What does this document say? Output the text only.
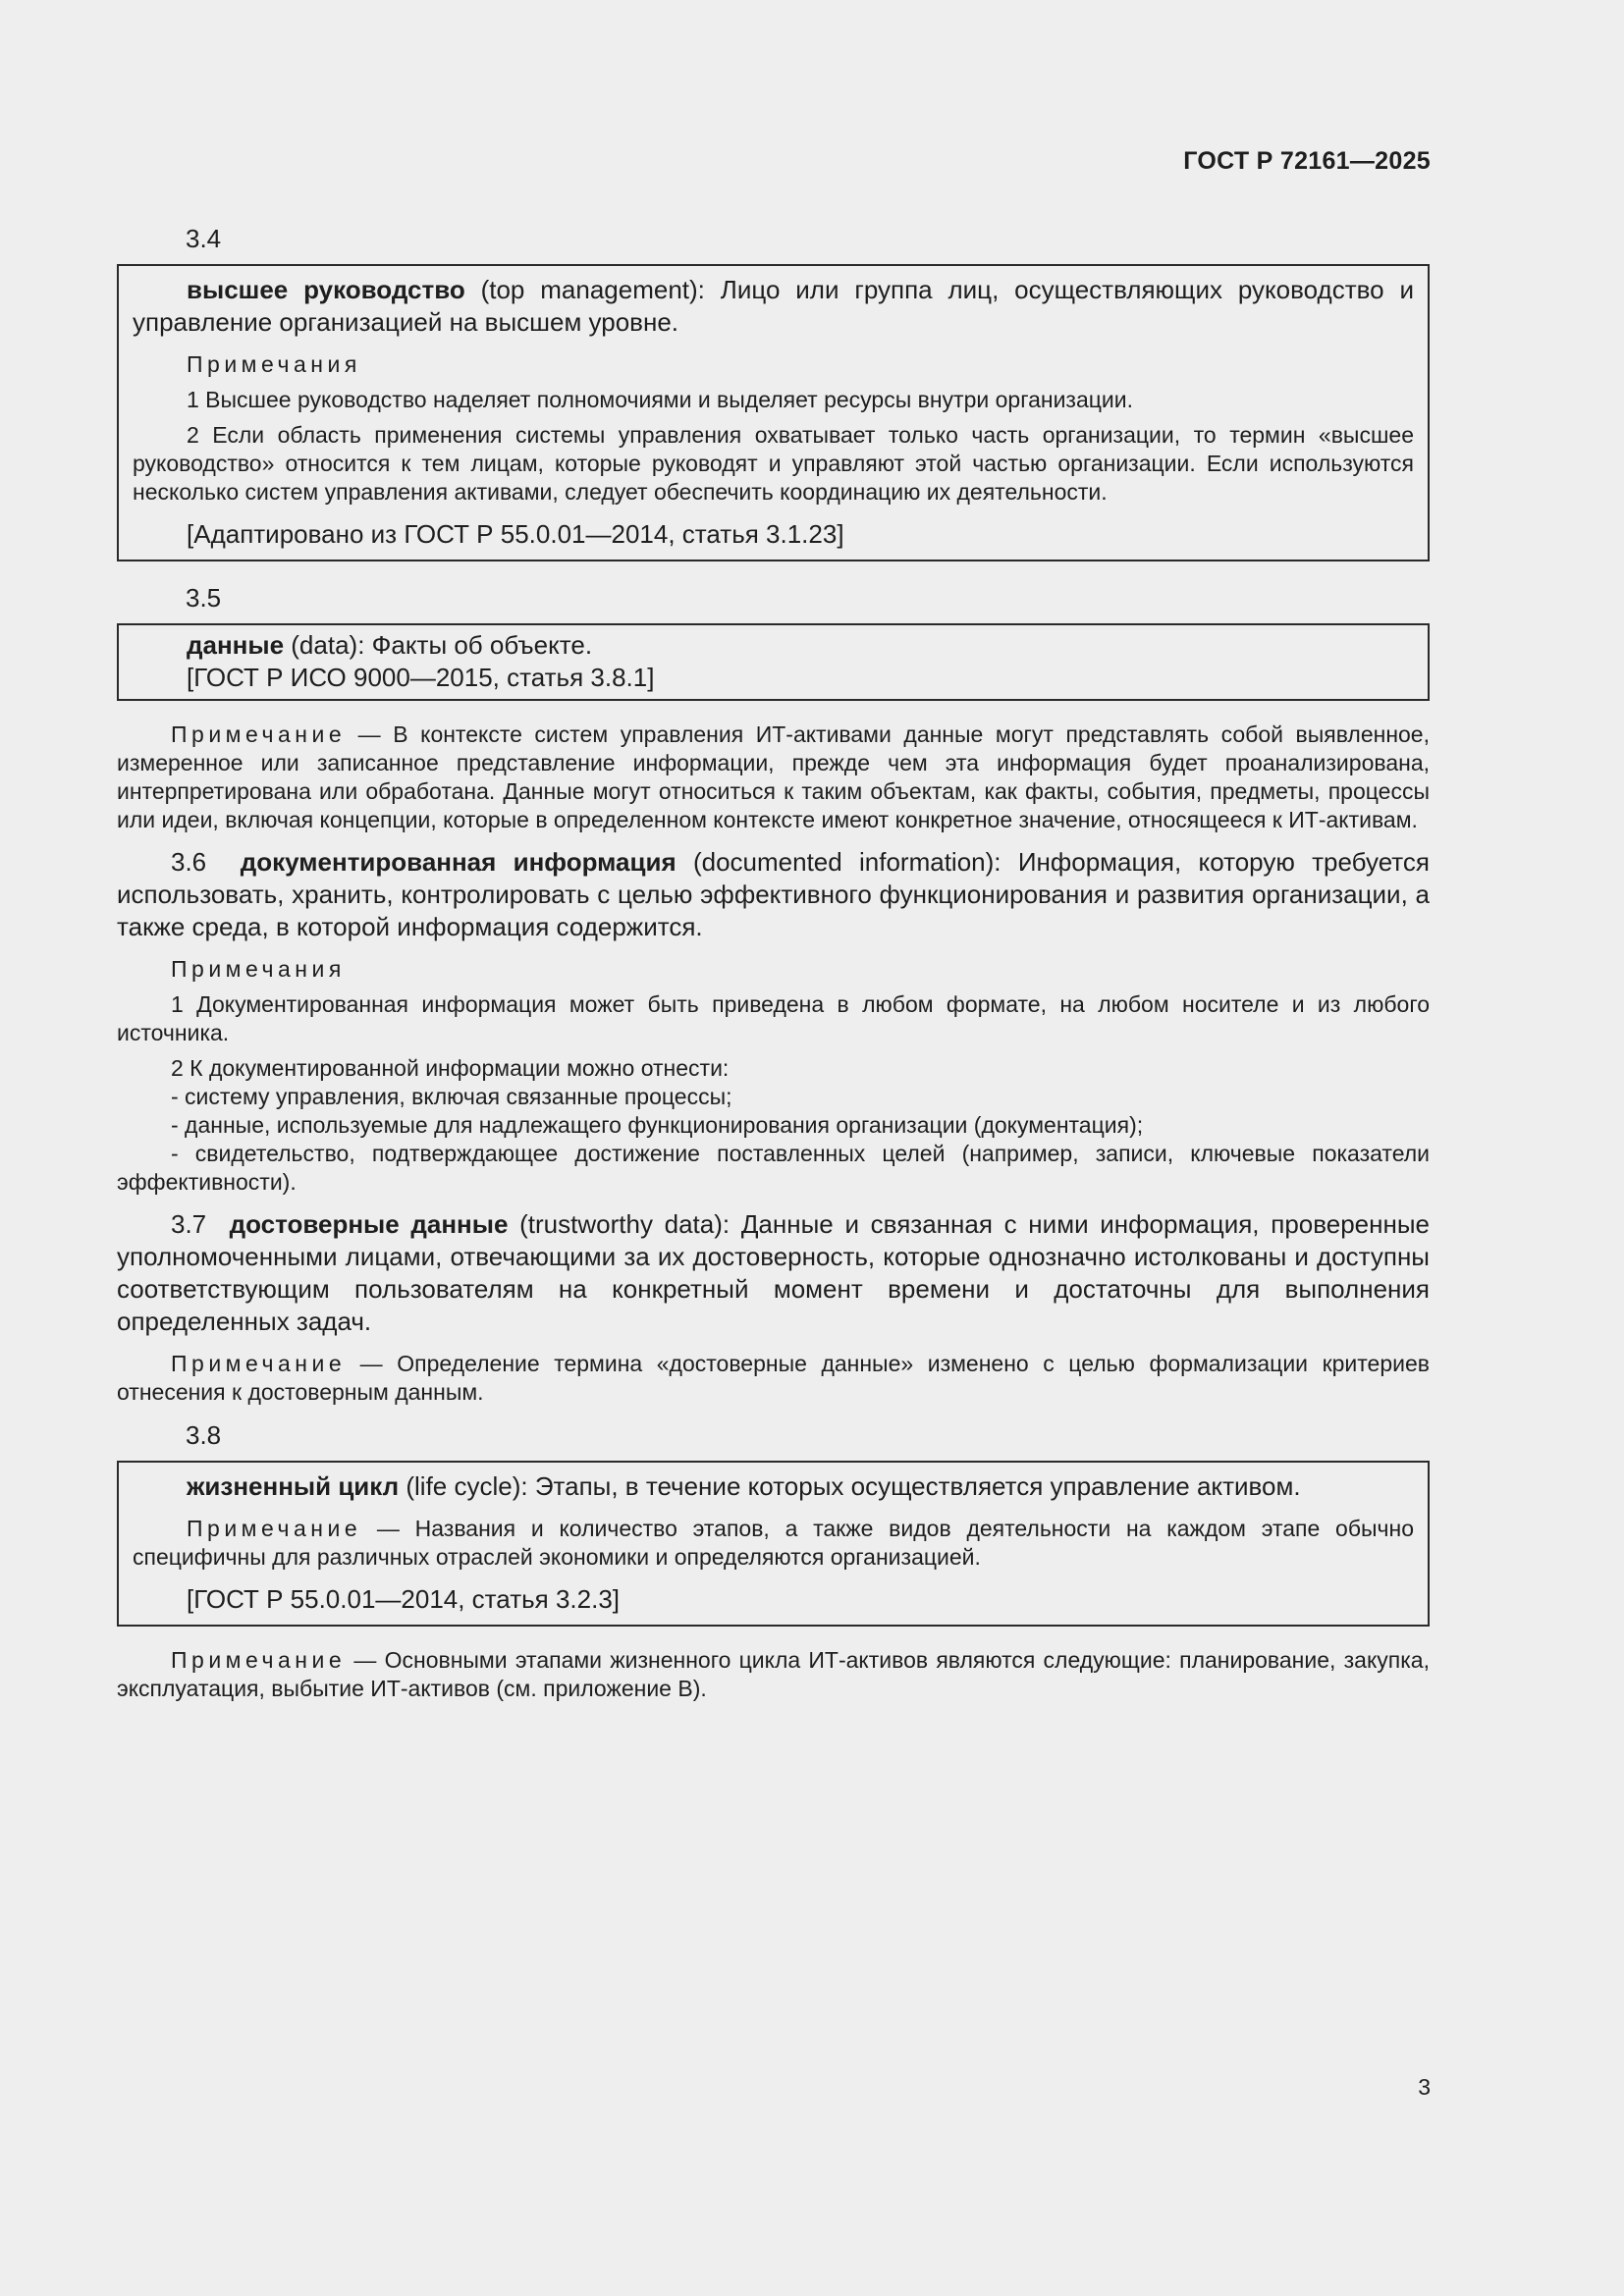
ГОСТ Р 72161—2025

3.4

высшее руководство (top management): Лицо или группа лиц, осуществляющих руководство и управление организацией на высшем уровне.

Примечания

1 Высшее руководство наделяет полномочиями и выделяет ресурсы внутри организации.

2 Если область применения системы управления охватывает только часть организации, то термин «высшее руководство» относится к тем лицам, которые руководят и управляют этой частью организации. Если используются несколько систем управления активами, следует обеспечить координацию их деятельности.

[Адаптировано из ГОСТ Р 55.0.01—2014, статья 3.1.23]

3.5

данные (data): Факты об объекте.

[ГОСТ Р ИСО 9000—2015, статья 3.8.1]

Примечание — В контексте систем управления ИТ-активами данные могут представлять собой выявленное, измеренное или записанное представление информации, прежде чем эта информация будет проанализирована, интерпретирована или обработана. Данные могут относиться к таким объектам, как факты, события, предметы, процессы или идеи, включая концепции, которые в определенном контексте имеют конкретное значение, относящееся к ИТ-активам.

3.6 документированная информация (documented information): Информация, которую требуется использовать, хранить, контролировать с целью эффективного функционирования и развития организации, а также среда, в которой информация содержится.

Примечания

1 Документированная информация может быть приведена в любом формате, на любом носителе и из любого источника.

2 К документированной информации можно отнести:

- систему управления, включая связанные процессы;

- данные, используемые для надлежащего функционирования организации (документация);

- свидетельство, подтверждающее достижение поставленных целей (например, записи, ключевые показатели эффективности).

3.7 достоверные данные (trustworthy data): Данные и связанная с ними информация, проверенные уполномоченными лицами, отвечающими за их достоверность, которые однозначно истолкованы и доступны соответствующим пользователям на конкретный момент времени и достаточны для выполнения определенных задач.

Примечание — Определение термина «достоверные данные» изменено с целью формализации критериев отнесения к достоверным данным.

3.8

жизненный цикл (life cycle): Этапы, в течение которых осуществляется управление активом.

Примечание — Названия и количество этапов, а также видов деятельности на каждом этапе обычно специфичны для различных отраслей экономики и определяются организацией.

[ГОСТ Р 55.0.01—2014, статья 3.2.3]

Примечание — Основными этапами жизненного цикла ИТ-активов являются следующие: планирование, закупка, эксплуатация, выбытие ИТ-активов (см. приложение В).

3
